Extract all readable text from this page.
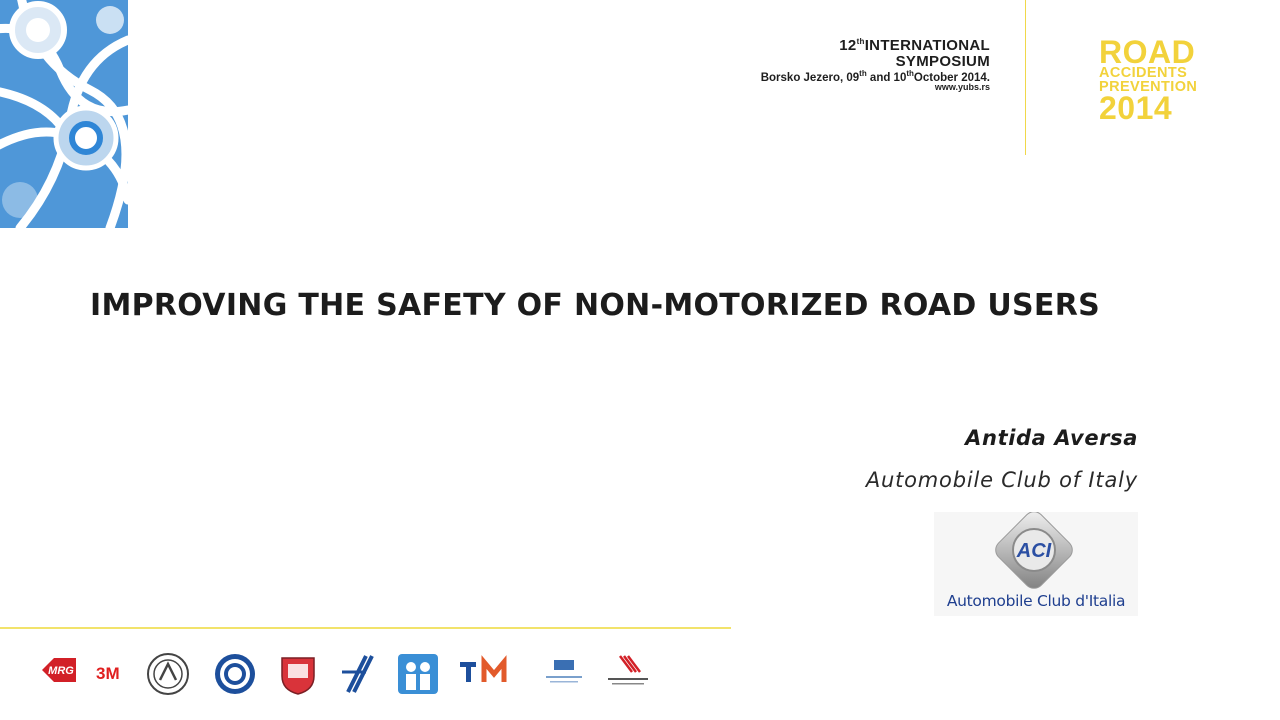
12thINTERNATIONAL
SYMPOSIUM
Borsko Jezero, 09th and 10thOctober 2014.
www.yubs.rs
ROAD
ACCIDENTS
PREVENTION
2014
IMPROVING THE SAFETY OF NON-MOTORIZED ROAD USERS
Antida Aversa
Automobile Club of Italy
ACI
Automobile Club d'Italia
MRG 3M
